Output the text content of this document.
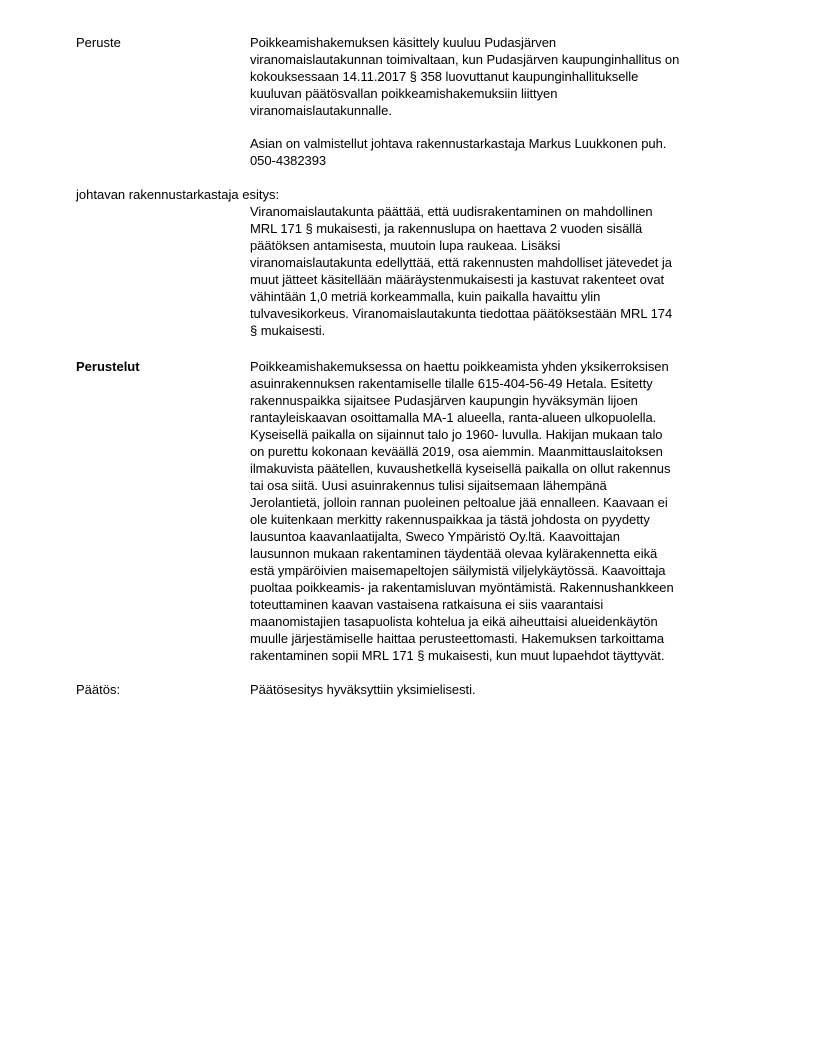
Peruste	Poikkeamishakemuksen käsittely kuuluu Pudasjärven
viranomaislautakunnan toimivaltaan, kun Pudasjärven kaupunginhallitus on
kokouksessaan 14.11.2017 § 358 luovuttanut kaupunginhallitukselle
kuuluvan päätösvallan poikkeamishakemuksiin liittyen
viranomaislautakunnalle.
Asian on valmistellut johtava rakennustarkastaja Markus Luukkonen puh.
050-4382393
johtavan rakennustarkastaja esitys:
Viranomaislautakunta päättää, että uudisrakentaminen on mahdollinen
MRL 171 § mukaisesti, ja rakennuslupa on haettava 2 vuoden sisällä
päätöksen antamisesta, muutoin lupa raukeaa. Lisäksi
viranomaislautakunta edellyttää, että rakennusten mahdolliset jätevedet ja
muut jätteet käsitellään määräystenmukaisesti ja kastuvat rakenteet ovat
vähintään 1,0 metriä korkeammalla, kuin paikalla havaittu ylin
tulvavesikorkeus. Viranomaislautakunta tiedottaa päätöksestään MRL 174
§ mukaisesti.
Perustelut	Poikkeamishakemuksessa on haettu poikkeamista yhden yksikerroksisen
asuinrakennuksen rakentamiselle tilalle 615-404-56-49 Hetala. Esitetty
rakennuspaikka sijaitsee Pudasjärven kaupungin hyväksymän lijoen
rantayleiskaavan osoittamalla MA-1 alueella, ranta-alueen ulkopuolella.
Kyseisellä paikalla on sijainnut talo jo 1960- luvulla. Hakijan mukaan talo
on purettu kokonaan keväällä 2019, osa aiemmin. Maanmittauslaitoksen
ilmakuvista päätellen, kuvaushetkellä kyseisellä paikalla on ollut rakennus
tai osa siitä. Uusi asuinrakennus tulisi sijaitsemaan lähempänä
Jerolantietä, jolloin rannan puoleinen peltoalue jää ennalleen. Kaavaan ei
ole kuitenkaan merkitty rakennuspaikkaa ja tästä johdosta on pyydetty
lausuntoa kaavanlaatijalta, Sweco Ympäristö Oy.ltä. Kaavoittajan
lausunnon mukaan rakentaminen täydentää olevaa kylärakennetta eikä
estä ympäröivien maisemapeltojen säilymistä viljelykäytössä. Kaavoittaja
puoltaa poikkeamis- ja rakentamisluvan myöntämistä. Rakennushankkeen
toteuttaminen kaavan vastaisena ratkaisuna ei siis vaarantaisi
maanomistajien tasapuolista kohtelua ja eikä aiheuttaisi alueidenkäytön
muulle järjestämiselle haittaa perusteettomasti. Hakemuksen tarkoittama
rakentaminen sopii MRL 171 § mukaisesti, kun muut lupaehdot täyttyvät.
Päätös:	Päätösesitys hyväksyttiin yksimielisesti.
